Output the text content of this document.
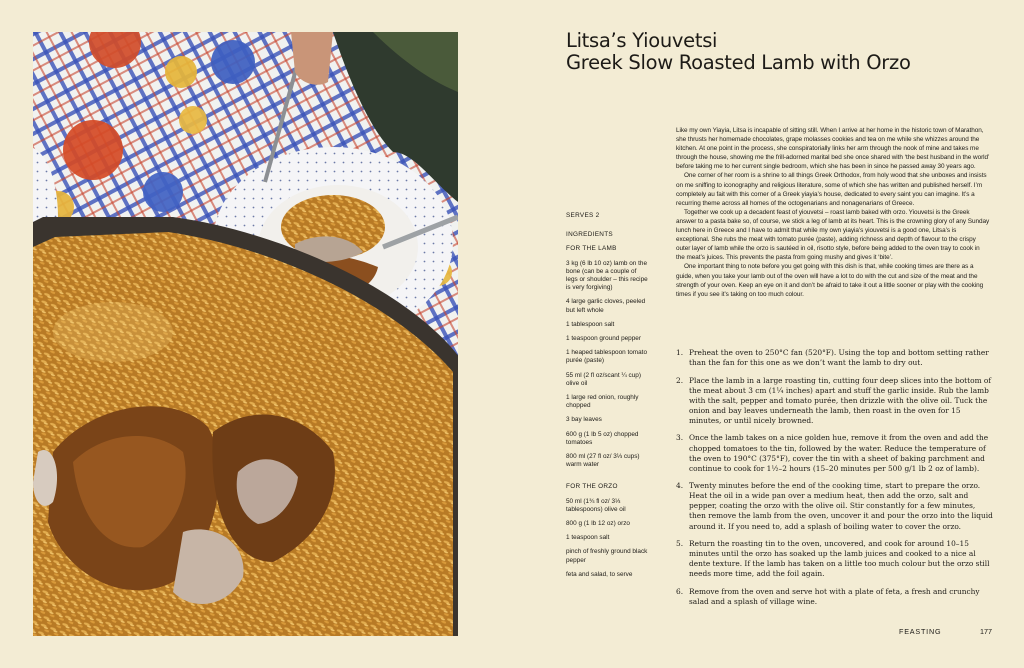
Litsa’s Yiouvetsi
Greek Slow Roasted Lamb with Orzo

Like my own Yiayia, Litsa is incapable of sitting still. When I arrive at her home in the historic town of Marathon, she thrusts her homemade chocolates, grape molasses cookies and tea on me while she whizzes around the kitchen. At one point in the process, she conspiratorially links her arm through the nook of mine and takes me through the house, showing me the frill-adorned marital bed she once shared with ‘the best husband in the world’ before taking me to her current single bedroom, which she has been in since he passed away 30 years ago.

One corner of her room is a shrine to all things Greek Orthodox, from holy wood that she unboxes and insists on me sniffing to iconography and religious literature, some of which she has written and published herself. I’m completely au fait with this corner of a Greek yiayia’s house, dedicated to every saint you can imagine. It’s a recurring theme across all homes of the octogenarians and nonagenarians of Greece.

Together we cook up a decadent feast of yiouvetsi – roast lamb baked with orzo. Yiouvetsi is the Greek answer to a pasta bake so, of course, we stick a leg of lamb at its heart. This is the crowning glory of any Sunday lunch here in Greece and I have to admit that while my own yiayia’s yiouvetsi is a good one, Litsa’s is exceptional. She rubs the meat with tomato purée (paste), adding richness and depth of flavour to the crispy outer layer of lamb while the orzo is sautéed in oil, risotto style, before being added to the oven tray to cook in the meat’s juices. This prevents the pasta from going mushy and gives it ‘bite’.

One important thing to note before you get going with this dish is that, while cooking times are there as a guide, when you take your lamb out of the oven will have a lot to do with the cut and size of the meat and the strength of your oven. Keep an eye on it and don’t be afraid to take it out a little sooner or play with the cooking times if you see it’s taking on too much colour.

SERVES 2
INGREDIENTS
FOR THE LAMB
3 kg (6 lb 10 oz) lamb on the bone (can be a couple of legs or shoulder – this recipe is very forgiving)
4 large garlic cloves, peeled but left whole
1 tablespoon salt
1 teaspoon ground pepper
1 heaped tablespoon tomato purée (paste)
55 ml (2 fl oz/scant ¼ cup) olive oil
1 large red onion, roughly chopped
3 bay leaves
600 g (1 lb 5 oz) chopped tomatoes
800 ml (27 fl oz/ 3⅓ cups) warm water
FOR THE ORZO
50 ml (1¾ fl oz/ 3⅓ tablespoons) olive oil
800 g (1 lb 12 oz) orzo
1 teaspoon salt
pinch of freshly ground black pepper
feta and salad, to serve
1. Preheat the oven to 250°C fan (520°F). Using the top and bottom setting rather than the fan for this one as we don’t want the lamb to dry out.
2. Place the lamb in a large roasting tin, cutting four deep slices into the bottom of the meat about 3 cm (1¼ inches) apart and stuff the garlic inside. Rub the lamb with the salt, pepper and tomato purée, then drizzle with the olive oil. Tuck the onion and bay leaves underneath the lamb, then roast in the oven for 15 minutes, or until nicely browned.
3. Once the lamb takes on a nice golden hue, remove it from the oven and add the chopped tomatoes to the tin, followed by the water. Reduce the temperature of the oven to 190°C (375°F), cover the tin with a sheet of baking parchment and continue to cook for 1½–2 hours (15–20 minutes per 500 g/1 lb 2 oz of lamb).
4. Twenty minutes before the end of the cooking time, start to prepare the orzo. Heat the oil in a wide pan over a medium heat, then add the orzo, salt and pepper, coating the orzo with the olive oil. Stir constantly for a few minutes, then remove the lamb from the oven, uncover it and pour the orzo into the liquid around it. If you need to, add a splash of boiling water to cover the orzo.
5. Return the roasting tin to the oven, uncovered, and cook for around 10–15 minutes until the orzo has soaked up the lamb juices and cooked to a nice al dente texture. If the lamb has taken on a little too much colour but the orzo still needs more time, add the foil again.
6. Remove from the oven and serve hot with a plate of feta, a fresh and crunchy salad and a splash of village wine.
FEASTING	177
